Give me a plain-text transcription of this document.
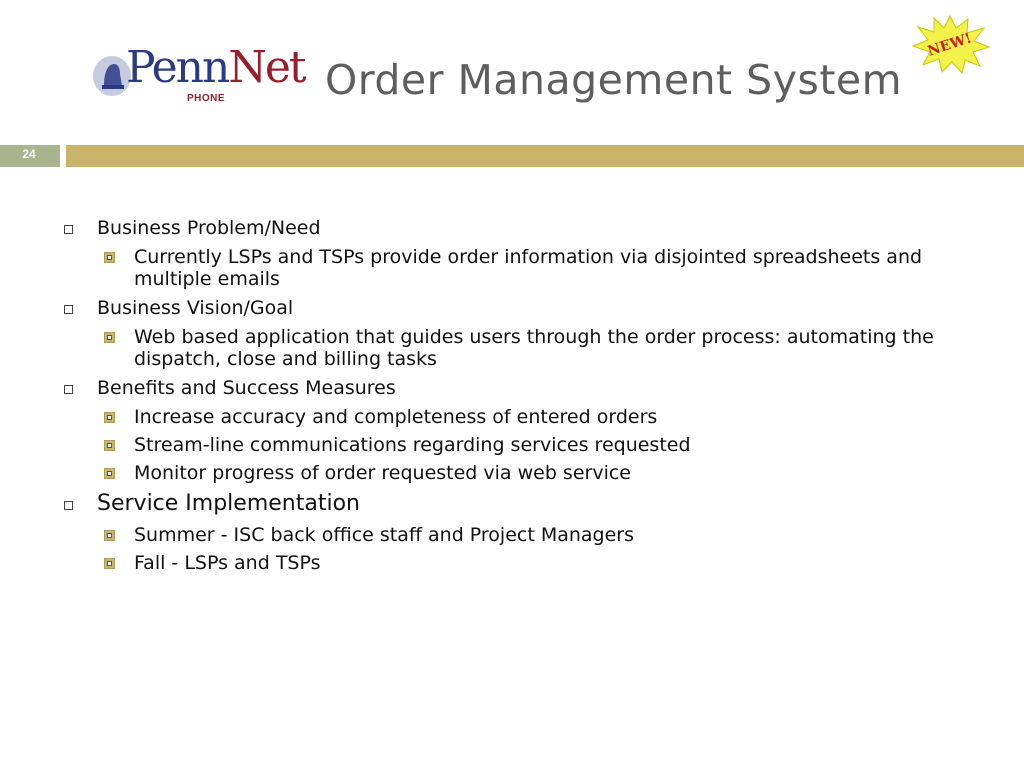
PennNet
PHONE Order Management System
NEW!
24
Business Problem/Need
Currently LSPs and TSPs provide order information via disjointed spreadsheets and multiple emails
Business Vision/Goal
Web based application that guides users through the order process: automating the dispatch, close and billing tasks
Benefits and Success Measures
Increase accuracy and completeness of entered orders
Stream-line communications regarding services requested
Monitor progress of order requested via web service
Service Implementation
Summer - ISC back office staff and Project Managers
Fall - LSPs and TSPs
